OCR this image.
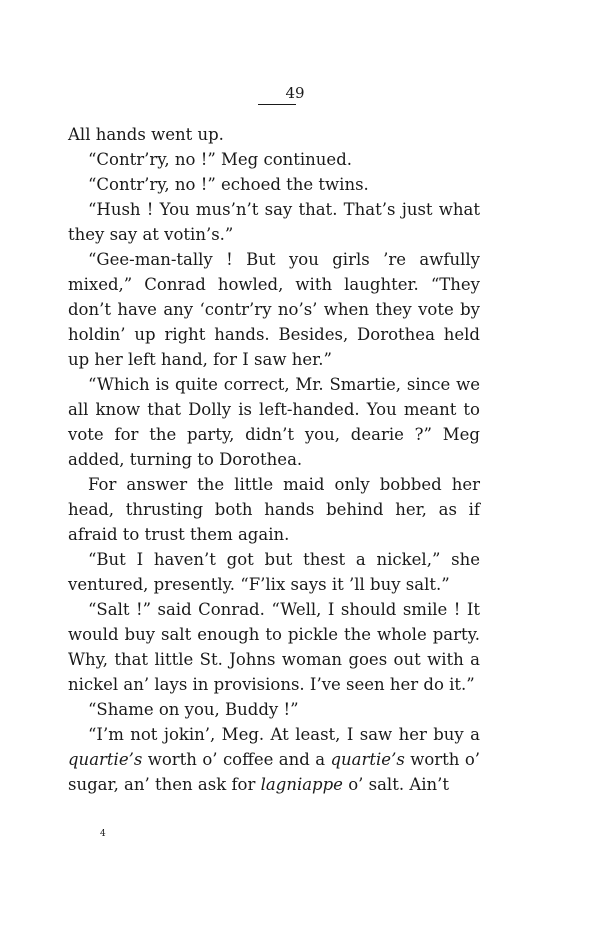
49

All hands went up.

“Contr’ry, no !” Meg continued.

“Contr’ry, no !” echoed the twins.

“Hush ! You mus’n’t say that. That’s just what they say at votin’s.”

“Gee-man-tally ! But you girls ’re awfully mixed,” Conrad howled, with laughter. “They don’t have any ‘contr’ry no’s’ when they vote by holdin’ up right hands. Besides, Dorothea held up her left hand, for I saw her.”

“Which is quite correct, Mr. Smartie, since we all know that Dolly is left-handed. You meant to vote for the party, didn’t you, dearie ?” Meg added, turning to Dorothea.

For answer the little maid only bobbed her head, thrusting both hands behind her, as if afraid to trust them again.

“But I haven’t got but thest a nickel,” she ventured, presently. “F’lix says it ’ll buy salt.”

“Salt !” said Conrad. “Well, I should smile ! It would buy salt enough to pickle the whole party. Why, that little St. Johns woman goes out with a nickel an’ lays in provisions. I’ve seen her do it.”

“Shame on you, Buddy !”

“I’m not jokin’, Meg. At least, I saw her buy a quartie’s worth o’ coffee and a quartie’s worth o’ sugar, an’ then ask for lagniappe o’ salt. Ain’t

4
